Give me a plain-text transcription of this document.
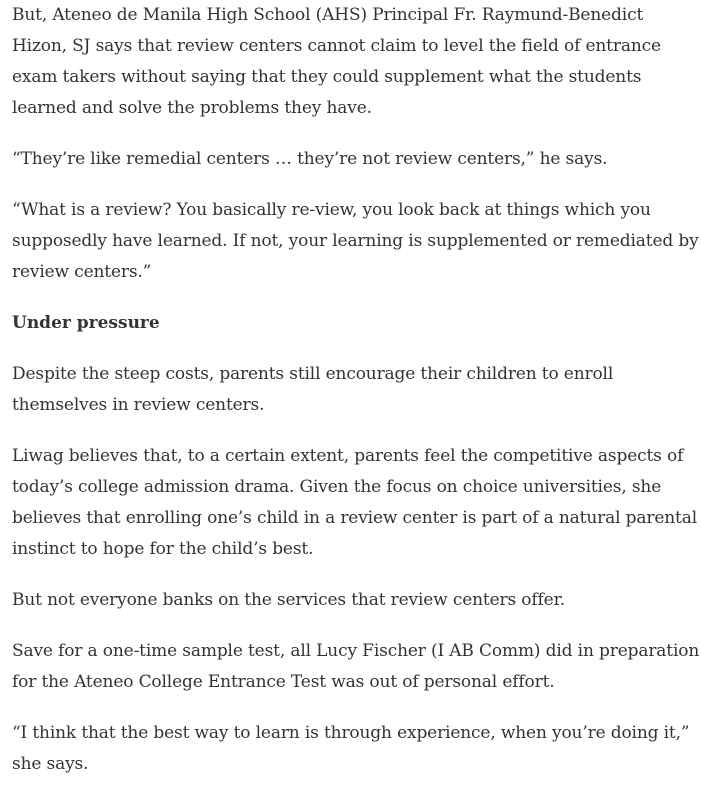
But, Ateneo de Manila High School (AHS) Principal Fr. Raymund-Benedict
Hizon, SJ says that review centers cannot claim to level the field of entrance
exam takers without saying that they could supplement what the students
learned and solve the problems they have.

“They’re like remedial centers … they’re not review centers,” he says.

“What is a review? You basically re-view, you look back at things which you
supposedly have learned. If not, your learning is supplemented or remediated by
review centers.”

Under pressure

Despite the steep costs, parents still encourage their children to enroll
themselves in review centers.

Liwag believes that, to a certain extent, parents feel the competitive aspects of
today’s college admission drama. Given the focus on choice universities, she
believes that enrolling one’s child in a review center is part of a natural parental
instinct to hope for the child’s best.

But not everyone banks on the services that review centers offer.

Save for a one-time sample test, all Lucy Fischer (I AB Comm) did in preparation
for the Ateneo College Entrance Test was out of personal effort.

“I think that the best way to learn is through experience, when you’re doing it,”
she says.
